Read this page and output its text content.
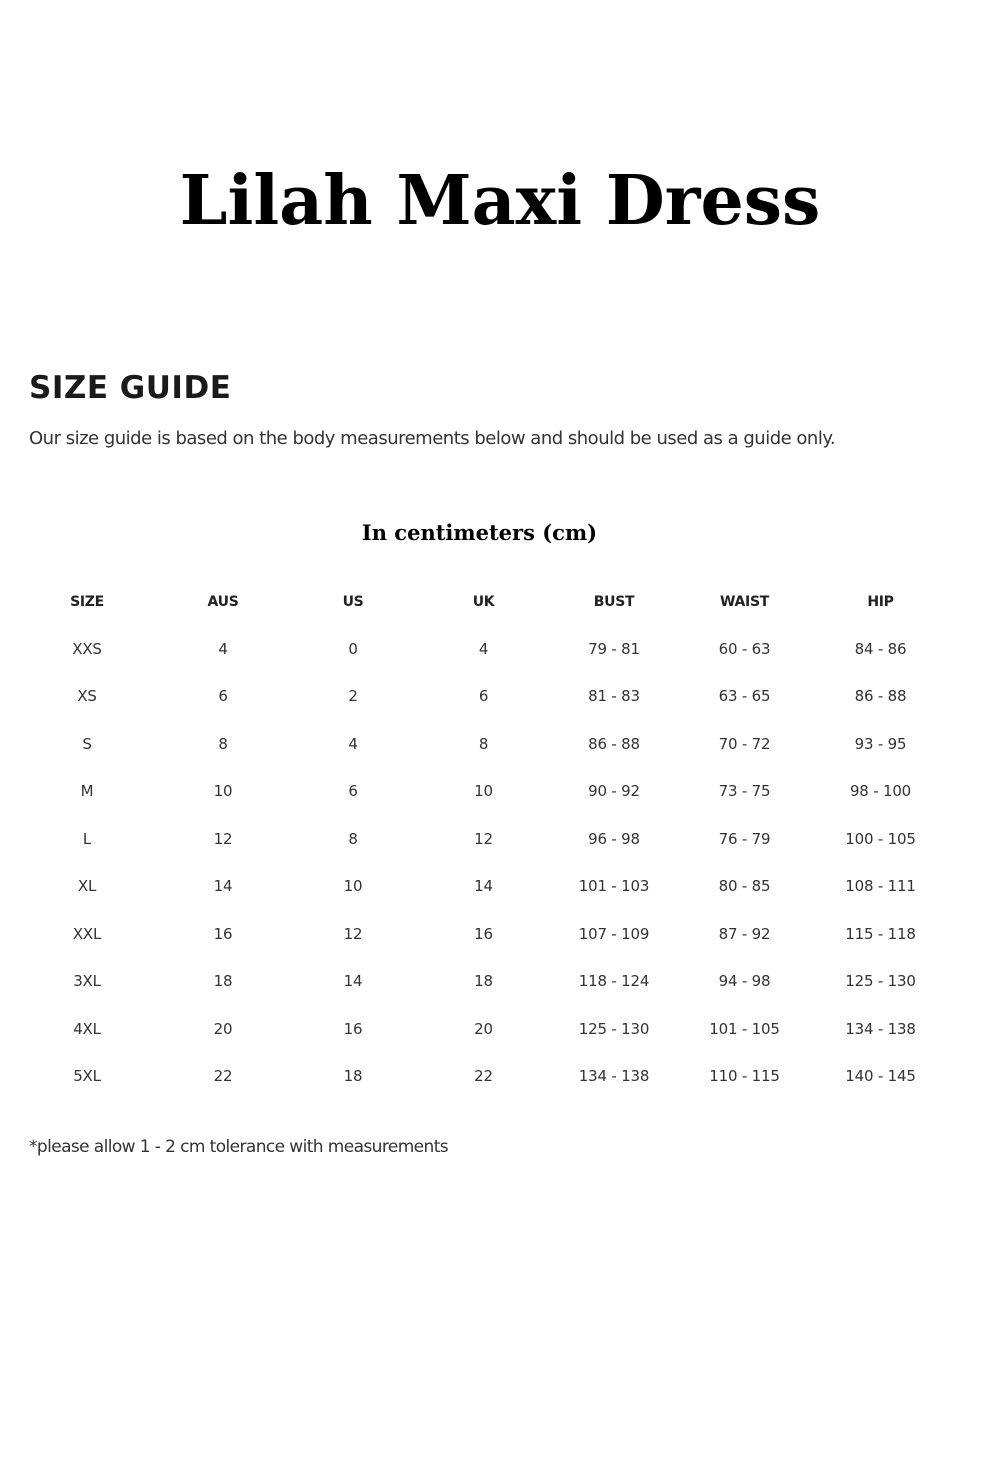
Lilah Maxi Dress
SIZE GUIDE

Our size guide is based on the body measurements below and should be used as a guide only.

In centimeters (cm)

SIZE	AUS	US	UK	BUST	WAIST	HIP
XXS	4	0	4	79 - 81	60 - 63	84 - 86
XS	6	2	6	81 - 83	63 - 65	86 - 88
S	8	4	8	86 - 88	70 - 72	93 - 95
M	10	6	10	90 - 92	73 - 75	98 - 100
L	12	8	12	96 - 98	76 - 79	100 - 105
XL	14	10	14	101 - 103	80 - 85	108 - 111
XXL	16	12	16	107 - 109	87 - 92	115 - 118
3XL	18	14	18	118 - 124	94 - 98	125 - 130
4XL	20	16	20	125 - 130	101 - 105	134 - 138
5XL	22	18	22	134 - 138	110 - 115	140 - 145

*please allow 1 - 2 cm tolerance with measurements
